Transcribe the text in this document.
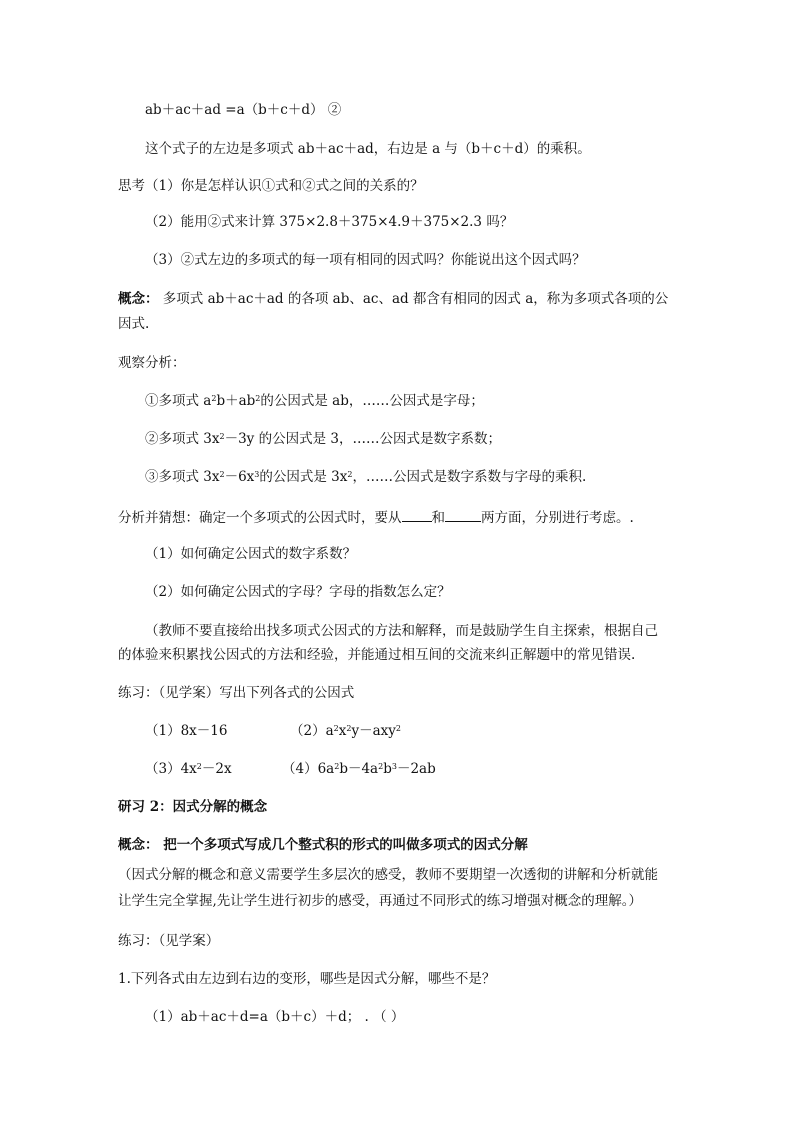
ab＋ac＋ad =a（b＋c＋d） ②
这个式子的左边是多项式 ab＋ac＋ad，右边是 a 与（b＋c＋d）的乘积。
思考（1）你是怎样认识①式和②式之间的关系的？
（2）能用②式来计算 375×2.8＋375×4.9＋375×2.3 吗？
（3）②式左边的多项式的每一项有相同的因式吗？你能说出这个因式吗？
概念： 多项式 ab＋ac＋ad 的各项 ab、ac、ad 都含有相同的因式 a，称为多项式各项的公
因式.
观察分析：
①多项式 $a^2b+ab^2$的公因式是 ab，……公因式是字母；
②多项式 $3x^2-3y$ 的公因式是 3，……公因式是数字系数；
③多项式 $3x^2-6x^3$的公因式是 $3x^2$，……公因式是数字系数与字母的乘积.
分析并猜想：确定一个多项式的公因式时，要从 和	两方面，分别进行考虑。.
（1）如何确定公因式的数字系数？
（2）如何确定公因式的字母？字母的指数怎么定？
（教师不要直接给出找多项式公因式的方法和解释，而是鼓励学生自主探索，根据自己
的体验来积累找公因式的方法和经验，并能通过相互间的交流来纠正解题中的常见错误.
练习：（见学案）写出下列各式的公因式
（1）8x－16	$(2)a^2x^2y-axy^2$
$(3)4x^2-2x$	$(4)6a^2b-4a^2b^3-2ab$
研习 2：因式分解的概念
概念： 把一个多项式写成几个整式积的形式的叫做多项式的因式分解
（因式分解的概念和意义需要学生多层次的感受，教师不要期望一次透彻的讲解和分析就能
让学生完全掌握,先让学生进行初步的感受，再通过不同形式的练习增强对概念的理解。）
练习：（见学案）
1.下列各式由左边到右边的变形，哪些是因式分解，哪些不是？
（1）ab＋ac＋d=a（b＋c）＋d； . （ ）
